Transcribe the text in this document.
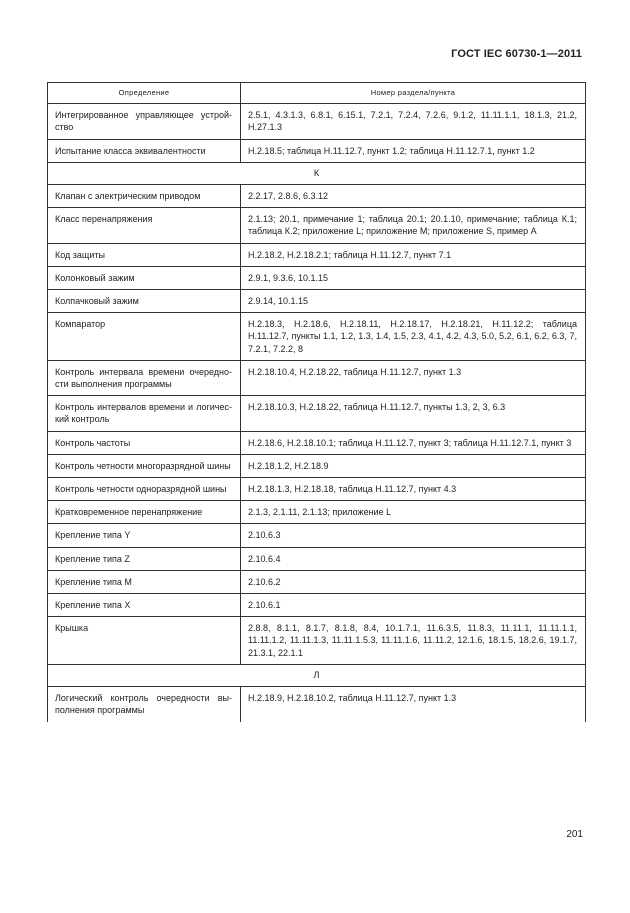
ГОСТ IEC 60730-1—2011
Определение	Номер раздела/пункта
Интегрированное управляющее устройство	2.5.1, 4.3.1.3, 6.8.1, 6.15.1, 7.2.1, 7.2.4, 7.2.6, 9.1.2, 11.11.1.1, 18.1.3, 21.2, H.27.1.3
Испытание класса эквивалентности	H.2.18.5; таблица H.11.12.7, пункт 1.2; таблица H.11.12.7.1, пункт 1.2
К	
Клапан с электрическим приводом	2.2.17, 2.8.6, 6.3.12
Класс перенапряжения	2.1.13; 20.1, примечание 1; таблица 20.1; 20.1.10, примечание; таблица К.1; таблица К.2; приложение L; приложение M; приложение S, пример А
Код защиты	H.2.18.2, H.2.18.2.1; таблица H.11.12.7, пункт 7.1
Колонковый зажим	2.9.1, 9.3.6, 10.1.15
Колпачковый зажим	2.9.14, 10.1.15
Компаратор	H.2.18.3, H.2.18.6, H.2.18.11, H.2.18.17, H.2.18.21, H.11.12.2; таблица H.11.12.7, пункты 1.1, 1.2, 1.3, 1.4, 1.5, 2.3, 4.1, 4.2, 4.3, 5.0, 5.2, 6.1, 6.2, 6.3, 7, 7.2.1, 7.2.2, 8
Контроль интервала времени очередности выполнения программы	H.2.18.10.4, H.2.18.22, таблица H.11.12.7, пункт 1.3
Контроль интервалов времени и логический контроль	H.2.18.10.3, H.2.18.22, таблица H.11.12.7, пункты 1.3, 2, 3, 6.3
Контроль частоты	H.2.18.6, H.2.18.10.1; таблица H.11.12.7, пункт 3; таблица H.11.12.7.1, пункт 3
Контроль четности многоразрядной шины	H.2.18.1.2, H.2.18.9
Контроль четности одноразрядной шины	H.2.18.1.3, H.2.18.18, таблица H.11.12.7, пункт 4.3
Кратковременное перенапряжение	2.1.3, 2.1.11, 2.1.13; приложение L
Крепление типа Y	2.10.6.3
Крепление типа Z	2.10.6.4
Крепление типа M	2.10.6.2
Крепление типа X	2.10.6.1
Крышка	2.8.8, 8.1.1, 8.1.7, 8.1.8, 8.4, 10.1.7.1, 11.6.3.5, 11.8.3, 11.11.1, 11.11.1.1, 11.11.1.2, 11.11.1.3, 11.11.1.5.3, 11.11.1.6, 11.11.2, 12.1.6, 18.1.5, 18.2.6, 19.1.7, 21.3.1, 22.1.1
Л	
Логический контроль очередности выполнения программы	H.2.18.9, H.2.18.10.2, таблица H.11.12.7, пункт 1.3
201
